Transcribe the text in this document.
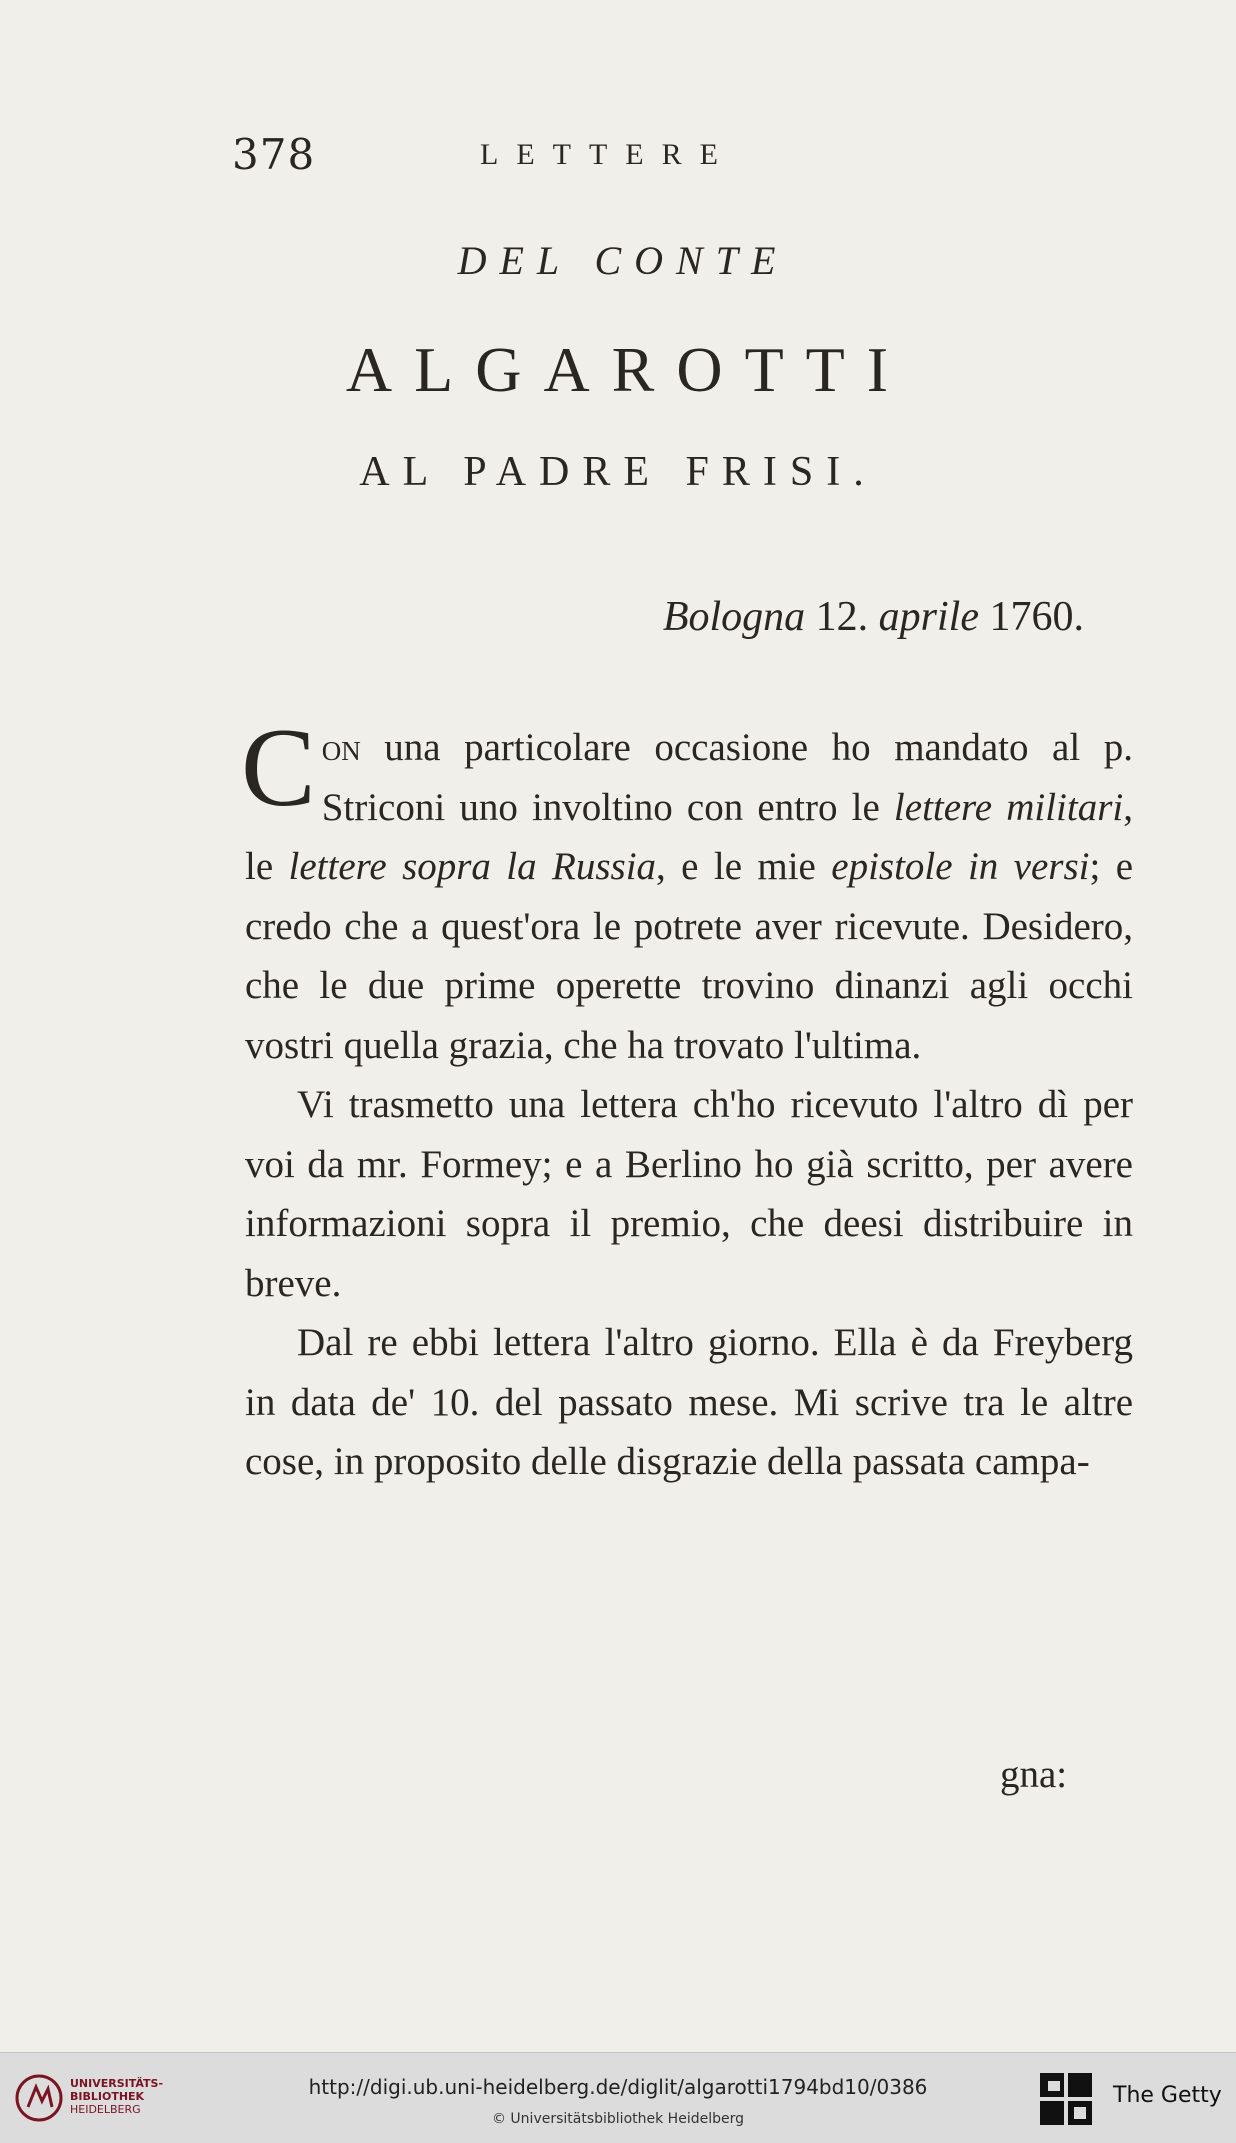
378	LETTERE
DEL CONTE
ALGAROTTI
AL PADRE FRISI.
Bologna 12. aprile 1760.

Con una particolare occasione ho mandato al p. Striconi uno involtino con entro le lettere militari, le lettere sopra la Russia, e le mie epistole in versi; e credo che a quest'ora le potrete aver ricevute. Desidero, che le due prime operette trovino dinanzi agli occhi vostri quella grazia, che ha trovato l'ultima.

Vi trasmetto una lettera ch'ho ricevuto l'altro dì per voi da mr. Formey; e a Berlino ho già scritto, per avere informazioni sopra il premio, che deesi distribuire in breve.

Dal re ebbi lettera l'altro giorno. Ella è da Freyberg in data de' 10. del passato mese. Mi scrive tra le altre cose, in proposito delle disgrazie della passata campa-

gna:
UNIVERSITÄTS-
BIBLIOTHEK
HEIDELBERG
http://digi.ub.uni-heidelberg.de/diglit/algarotti1794bd10/0386
© Universitätsbibliothek Heidelberg
The Getty
